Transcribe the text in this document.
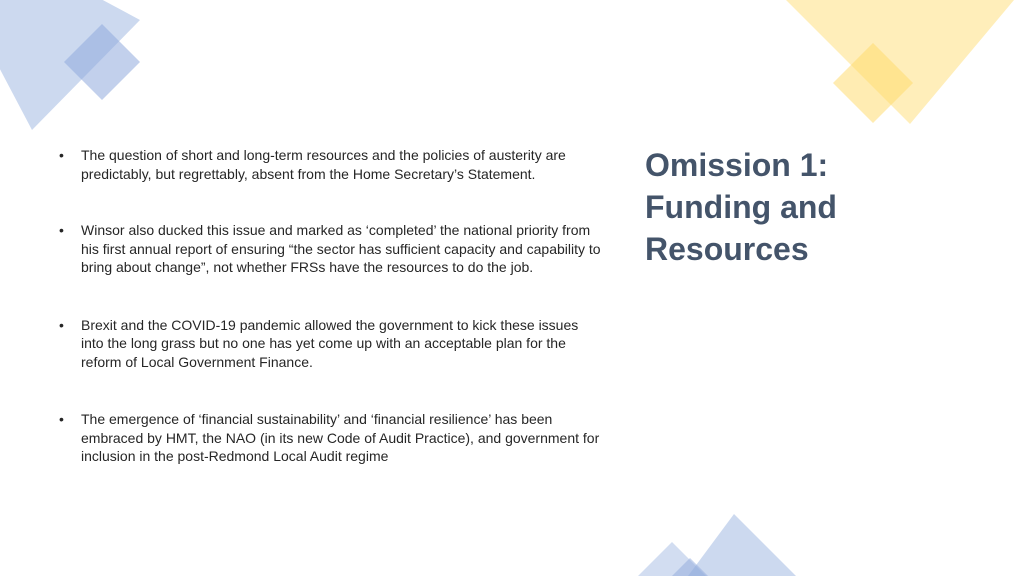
• The question of short and long-term resources and the policies of austerity are predictably, but regrettably, absent from the Home Secretary’s Statement.
• Winsor also ducked this issue and marked as ‘completed’ the national priority from his first annual report of ensuring “the sector has sufficient capacity and capability to bring about change”, not whether FRSs have the resources to do the job.
• Brexit and the COVID-19 pandemic allowed the government to kick these issues into the long grass but no one has yet come up with an acceptable plan for the reform of Local Government Finance.
• The emergence of ‘financial sustainability’ and ‘financial resilience’ has been embraced by HMT, the NAO (in its new Code of Audit Practice), and government for inclusion in the post-Redmond Local Audit regime
Omission 1:
Funding and
Resources
